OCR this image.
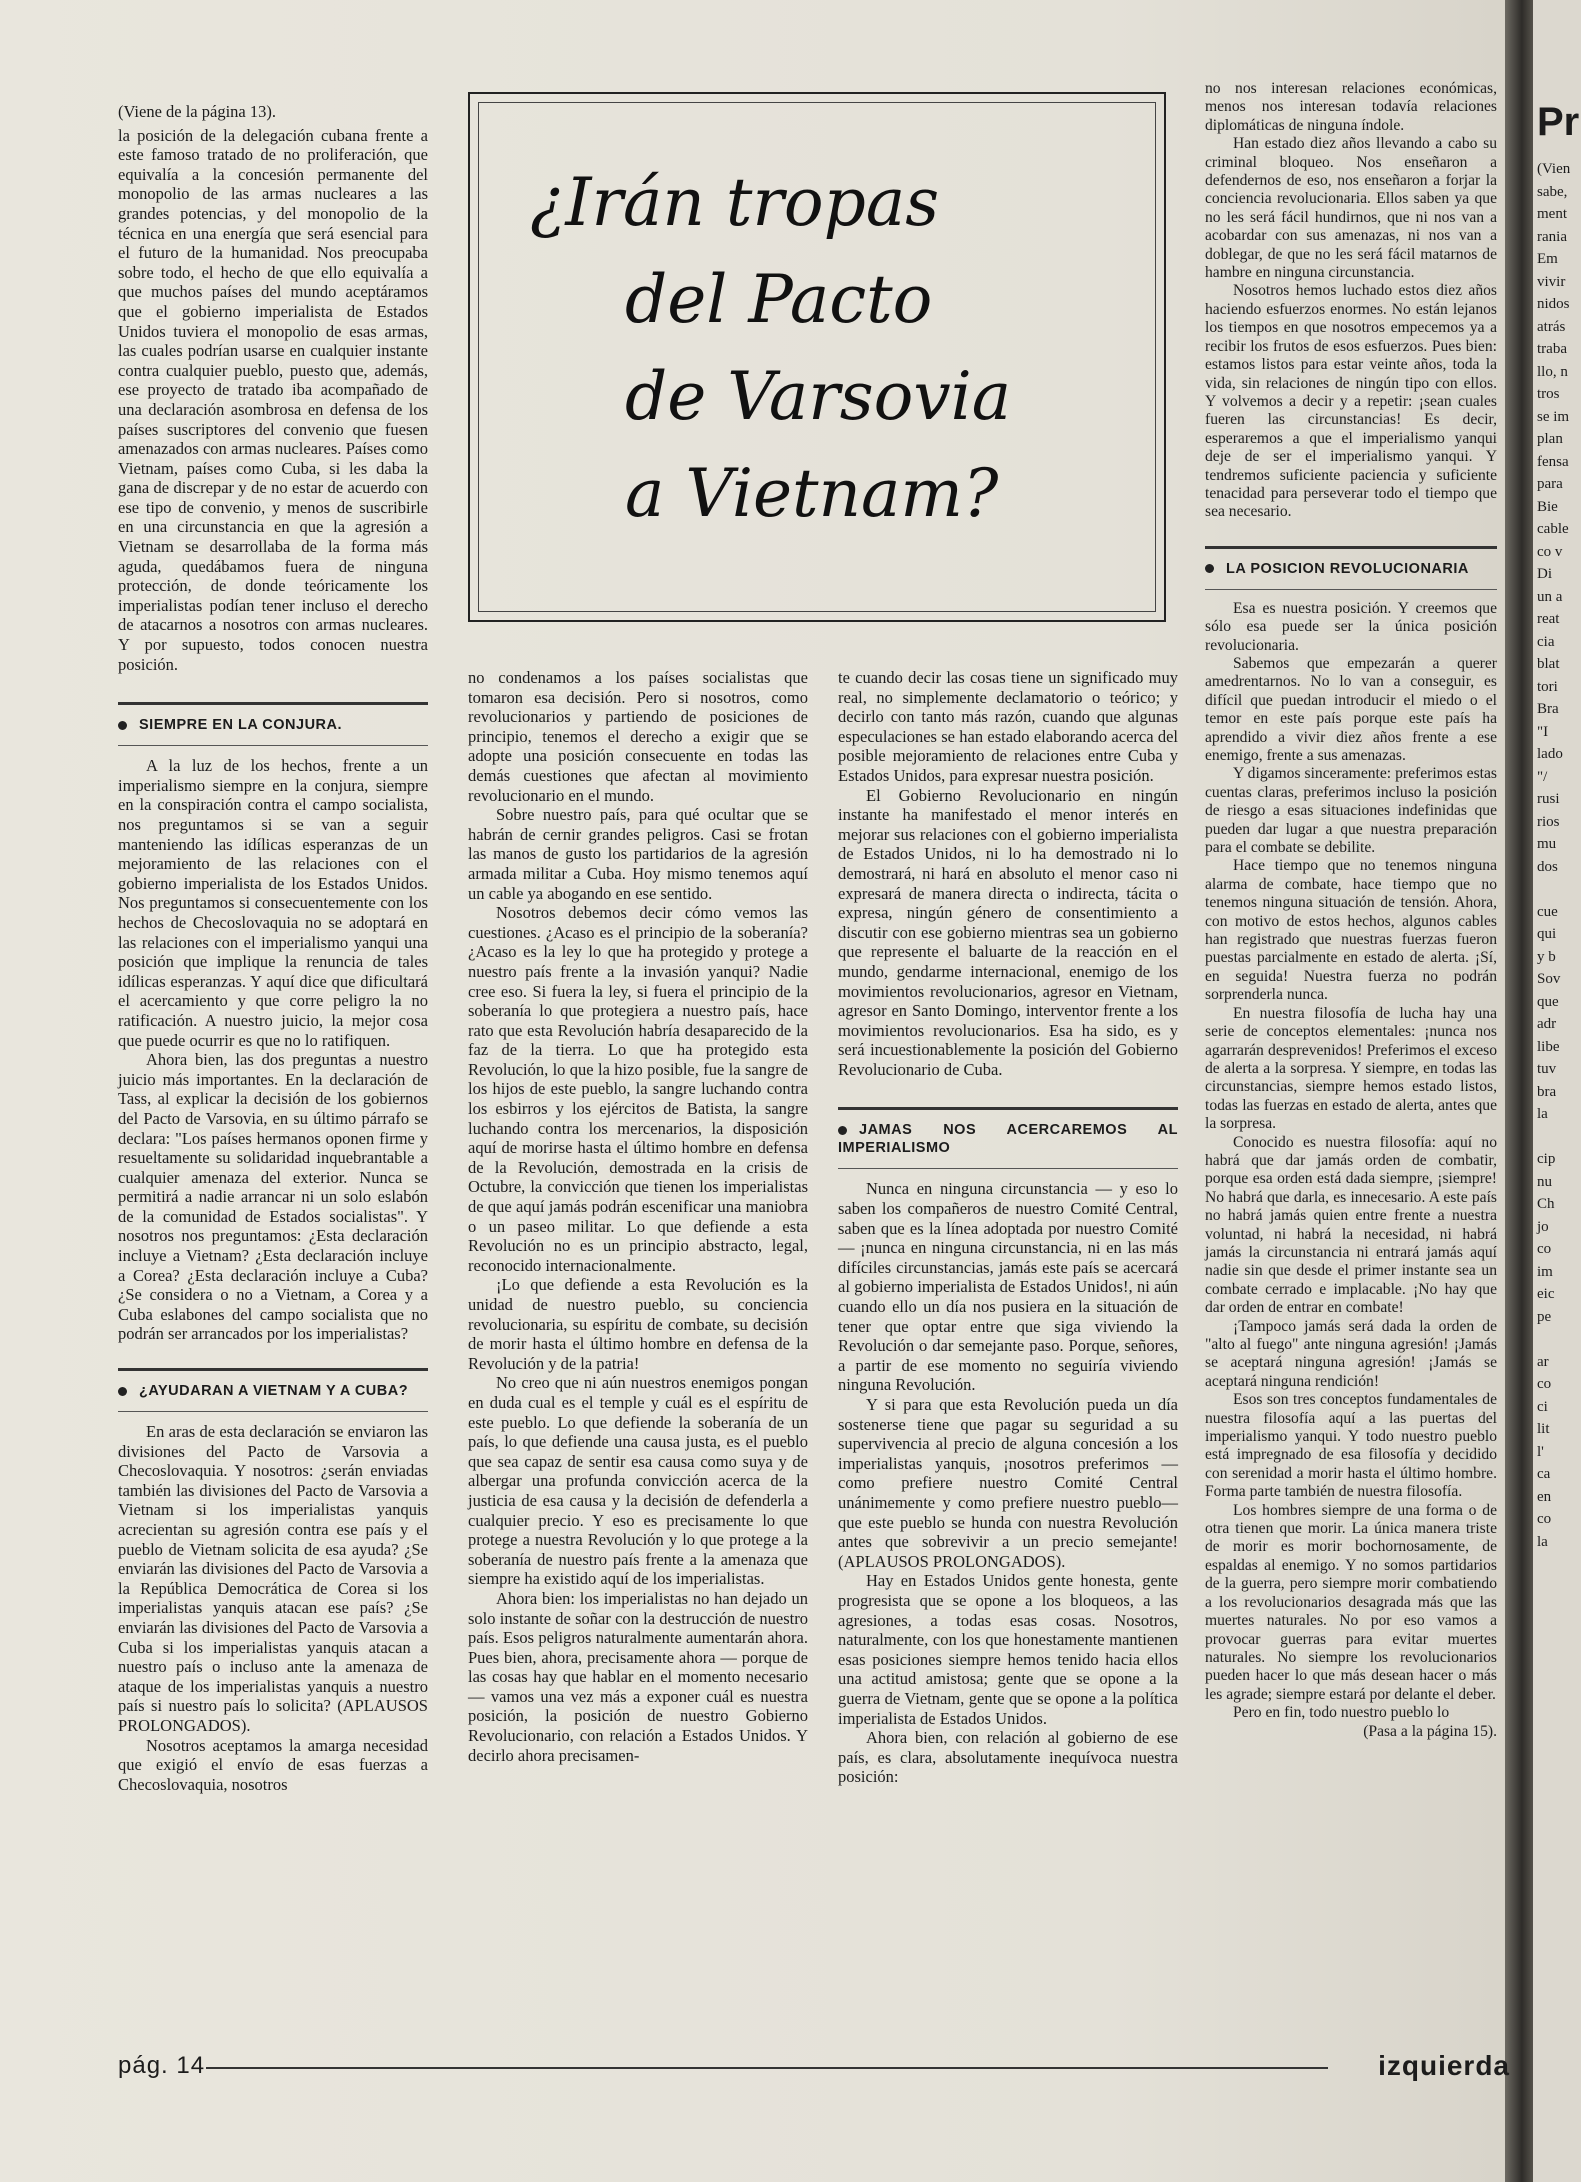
Pr
(Vien
sabe,
ment
rania
Em
vivir
nidos
atrás
traba
llo, n
tros
se im
plan
fensa
para
Bie
cable
co v
Di
un a
reat
cia
blat
tori
Bra
"I
lado
"/
rusi
rios
mu
dos

cue
qui
y b
Sov
que
adr
libe
tuv
bra
la

cip
nu
Ch
jo
co
im
eic
pe

ar
co
ci
lit
l'
ca
en
co
la

(Viene de la página 13).

la posición de la delegación cubana frente a este famoso tratado de no proliferación, que equivalía a la concesión permanente del monopolio de las armas nucleares a las grandes potencias, y del monopolio de la técnica en una energía que será esencial para el futuro de la humanidad. Nos preocupaba sobre todo, el hecho de que ello equivalía a que muchos países del mundo aceptáramos que el gobierno imperialista de Estados Unidos tuviera el monopolio de esas armas, las cuales podrían usarse en cualquier instante contra cualquier pueblo, puesto que, además, ese proyecto de tratado iba acompañado de una declaración asombrosa en defensa de los países suscriptores del convenio que fuesen amenazados con armas nucleares. Países como Vietnam, países como Cuba, si les daba la gana de discrepar y de no estar de acuerdo con ese tipo de convenio, y menos de suscribirle en una circunstancia en que la agresión a Vietnam se desarrollaba de la forma más aguda, quedábamos fuera de ninguna protección, de donde teóricamente los imperialistas podían tener incluso el derecho de atacarnos a nosotros con armas nucleares. Y por supuesto, todos conocen nuestra posición.

SIEMPRE EN LA CONJURA.

A la luz de los hechos, frente a un imperialismo siempre en la conjura, siempre en la conspiración contra el campo socialista, nos preguntamos si se van a seguir manteniendo las idílicas esperanzas de un mejoramiento de las relaciones con el gobierno imperialista de los Estados Unidos. Nos preguntamos si consecuentemente con los hechos de Checoslovaquia no se adoptará en las relaciones con el imperialismo yanqui una posición que implique la renuncia de tales idílicas esperanzas. Y aquí dice que dificultará el acercamiento y que corre peligro la no ratificación. A nuestro juicio, la mejor cosa que puede ocurrir es que no lo ratifiquen.

Ahora bien, las dos preguntas a nuestro juicio más importantes. En la declaración de Tass, al explicar la decisión de los gobiernos del Pacto de Varsovia, en su último párrafo se declara: "Los países hermanos oponen firme y resueltamente su solidaridad inquebrantable a cualquier amenaza del exterior. Nunca se permitirá a nadie arrancar ni un solo eslabón de la comunidad de Estados socialistas". Y nosotros nos preguntamos: ¿Esta declaración incluye a Vietnam? ¿Esta declaración incluye a Corea? ¿Esta declaración incluye a Cuba? ¿Se considera o no a Vietnam, a Corea y a Cuba eslabones del campo socialista que no podrán ser arrancados por los imperialistas?

¿AYUDARAN A VIETNAM Y A CUBA?

En aras de esta declaración se enviaron las divisiones del Pacto de Varsovia a Checoslovaquia. Y nosotros: ¿serán enviadas también las divisiones del Pacto de Varsovia a Vietnam si los imperialistas yanquis acrecientan su agresión contra ese país y el pueblo de Vietnam solicita de esa ayuda? ¿Se enviarán las divisiones del Pacto de Varsovia a la República Democrática de Corea si los imperialistas yanquis atacan ese país? ¿Se enviarán las divisiones del Pacto de Varsovia a Cuba si los imperialistas yanquis atacan a nuestro país o incluso ante la amenaza de ataque de los imperialistas yanquis a nuestro país si nuestro país lo solicita? (APLAUSOS PROLONGADOS).

Nosotros aceptamos la amarga necesidad que exigió el envío de esas fuerzas a Checoslovaquia, nosotros

¿Irán tropas
del Pacto
de Varsovia
a Vietnam?

no condenamos a los países socialistas que tomaron esa decisión. Pero si nosotros, como revolucionarios y partiendo de posiciones de principio, tenemos el derecho a exigir que se adopte una posición consecuente en todas las demás cuestiones que afectan al movimiento revolucionario en el mundo.

Sobre nuestro país, para qué ocultar que se habrán de cernir grandes peligros. Casi se frotan las manos de gusto los partidarios de la agresión armada militar a Cuba. Hoy mismo tenemos aquí un cable ya abogando en ese sentido.

Nosotros debemos decir cómo vemos las cuestiones. ¿Acaso es el principio de la soberanía? ¿Acaso es la ley lo que ha protegido y protege a nuestro país frente a la invasión yanqui? Nadie cree eso. Si fuera la ley, si fuera el principio de la soberanía lo que protegiera a nuestro país, hace rato que esta Revolución habría desaparecido de la faz de la tierra. Lo que ha protegido esta Revolución, lo que la hizo posible, fue la sangre de los hijos de este pueblo, la sangre luchando contra los esbirros y los ejércitos de Batista, la sangre luchando contra los mercenarios, la disposición aquí de morirse hasta el último hombre en defensa de la Revolución, demostrada en la crisis de Octubre, la convicción que tienen los imperialistas de que aquí jamás podrán escenificar una maniobra o un paseo militar. Lo que defiende a esta Revolución no es un principio abstracto, legal, reconocido internacionalmente.

¡Lo que defiende a esta Revolución es la unidad de nuestro pueblo, su conciencia revolucionaria, su espíritu de combate, su decisión de morir hasta el último hombre en defensa de la Revolución y de la patria!

No creo que ni aún nuestros enemigos pongan en duda cual es el temple y cuál es el espíritu de este pueblo. Lo que defiende la soberanía de un país, lo que defiende una causa justa, es el pueblo que sea capaz de sentir esa causa como suya y de albergar una profunda convicción acerca de la justicia de esa causa y la decisión de defenderla a cualquier precio. Y eso es precisamente lo que protege a nuestra Revolución y lo que protege a la soberanía de nuestro país frente a la amenaza que siempre ha existido aquí de los imperialistas.

Ahora bien: los imperialistas no han dejado un solo instante de soñar con la destrucción de nuestro país. Esos peligros naturalmente aumentarán ahora. Pues bien, ahora, precisamente ahora — porque de las cosas hay que hablar en el momento necesario— vamos una vez más a exponer cuál es nuestra posición, la posición de nuestro Gobierno Revolucionario, con relación a Estados Unidos. Y decirlo ahora precisamen-

te cuando decir las cosas tiene un significado muy real, no simplemente declamatorio o teórico; y decirlo con tanto más razón, cuando que algunas especulaciones se han estado elaborando acerca del posible mejoramiento de relaciones entre Cuba y Estados Unidos, para expresar nuestra posición.

El Gobierno Revolucionario en ningún instante ha manifestado el menor interés en mejorar sus relaciones con el gobierno imperialista de Estados Unidos, ni lo ha demostrado ni lo demostrará, ni hará en absoluto el menor caso ni expresará de manera directa o indirecta, tácita o expresa, ningún género de consentimiento a discutir con ese gobierno mientras sea un gobierno que represente el baluarte de la reacción en el mundo, gendarme internacional, enemigo de los movimientos revolucionarios, agresor en Vietnam, agresor en Santo Domingo, interventor frente a los movimientos revolucionarios. Esa ha sido, es y será incuestionablemente la posición del Gobierno Revolucionario de Cuba.

JAMAS NOS ACERCAREMOS AL IMPERIALISMO

Nunca en ninguna circunstancia — y eso lo saben los compañeros de nuestro Comité Central, saben que es la línea adoptada por nuestro Comité — ¡nunca en ninguna circunstancia, ni en las más difíciles circunstancias, jamás este país se acercará al gobierno imperialista de Estados Unidos!, ni aún cuando ello un día nos pusiera en la situación de tener que optar entre que siga viviendo la Revolución o dar semejante paso. Porque, señores, a partir de ese momento no seguiría viviendo ninguna Revolución.

Y si para que esta Revolución pueda un día sostenerse tiene que pagar su seguridad a su supervivencia al precio de alguna concesión a los imperialistas yanquis, ¡nosotros preferimos —como prefiere nuestro Comité Central unánimemente y como prefiere nuestro pueblo— que este pueblo se hunda con nuestra Revolución antes que sobrevivir a un precio semejante! (APLAUSOS PROLONGADOS).

Hay en Estados Unidos gente honesta, gente progresista que se opone a los bloqueos, a las agresiones, a todas esas cosas. Nosotros, naturalmente, con los que honestamente mantienen esas posiciones siempre hemos tenido hacia ellos una actitud amistosa; gente que se opone a la guerra de Vietnam, gente que se opone a la política imperialista de Estados Unidos.

Ahora bien, con relación al gobierno de ese país, es clara, absolutamente inequívoca nuestra posición:

no nos interesan relaciones económicas, menos nos interesan todavía relaciones diplomáticas de ninguna índole.

Han estado diez años llevando a cabo su criminal bloqueo. Nos enseñaron a defendernos de eso, nos enseñaron a forjar la conciencia revolucionaria. Ellos saben ya que no les será fácil hundirnos, que ni nos van a acobardar con sus amenazas, ni nos van a doblegar, de que no les será fácil matarnos de hambre en ninguna circunstancia.

Nosotros hemos luchado estos diez años haciendo esfuerzos enormes. No están lejanos los tiempos en que nosotros empecemos ya a recibir los frutos de esos esfuerzos. Pues bien: estamos listos para estar veinte años, toda la vida, sin relaciones de ningún tipo con ellos. Y volvemos a decir y a repetir: ¡sean cuales fueren las circunstancias! Es decir, esperaremos a que el imperialismo yanqui deje de ser el imperialismo yanqui. Y tendremos suficiente paciencia y suficiente tenacidad para perseverar todo el tiempo que sea necesario.

LA POSICION REVOLUCIONARIA

Esa es nuestra posición. Y creemos que sólo esa puede ser la única posición revolucionaria.

Sabemos que empezarán a querer amedrentarnos. No lo van a conseguir, es difícil que puedan introducir el miedo o el temor en este país porque este país ha aprendido a vivir diez años frente a ese enemigo, frente a sus amenazas.

Y digamos sinceramente: preferimos estas cuentas claras, preferimos incluso la posición de riesgo a esas situaciones indefinidas que pueden dar lugar a que nuestra preparación para el combate se debilite.

Hace tiempo que no tenemos ninguna alarma de combate, hace tiempo que no tenemos ninguna situación de tensión. Ahora, con motivo de estos hechos, algunos cables han registrado que nuestras fuerzas fueron puestas parcialmente en estado de alerta. ¡Sí, en seguida! Nuestra fuerza no podrán sorprenderla nunca.

En nuestra filosofía de lucha hay una serie de conceptos elementales: ¡nunca nos agarrarán desprevenidos! Preferimos el exceso de alerta a la sorpresa. Y siempre, en todas las circunstancias, siempre hemos estado listos, todas las fuerzas en estado de alerta, antes que la sorpresa.

Conocido es nuestra filosofía: aquí no habrá que dar jamás orden de combatir, porque esa orden está dada siempre, ¡siempre! No habrá que darla, es innecesario. A este país no habrá jamás quien entre frente a nuestra voluntad, ni habrá la necesidad, ni habrá jamás la circunstancia ni entrará jamás aquí nadie sin que desde el primer instante sea un combate cerrado e implacable. ¡No hay que dar orden de entrar en combate!

¡Tampoco jamás será dada la orden de "alto al fuego" ante ninguna agresión! ¡Jamás se aceptará ninguna agresión! ¡Jamás se aceptará ninguna rendición!

Esos son tres conceptos fundamentales de nuestra filosofía aquí a las puertas del imperialismo yanqui. Y todo nuestro pueblo está impregnado de esa filosofía y decidido con serenidad a morir hasta el último hombre. Forma parte también de nuestra filosofía.

Los hombres siempre de una forma o de otra tienen que morir. La única manera triste de morir es morir bochornosamente, de espaldas al enemigo. Y no somos partidarios de la guerra, pero siempre morir combatiendo a los revolucionarios desagrada más que las muertes naturales. No por eso vamos a provocar guerras para evitar muertes naturales. No siempre los revolucionarios pueden hacer lo que más desean hacer o más les agrade; siempre estará por delante el deber.

Pero en fin, todo nuestro pueblo lo

(Pasa a la página 15).

pág. 14	izquierda
